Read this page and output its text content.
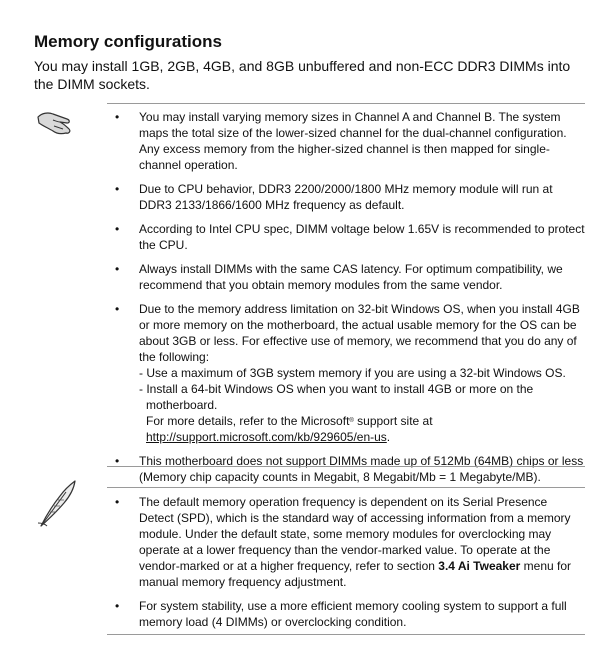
Memory configurations

You may install 1GB, 2GB, 4GB, and 8GB unbuffered and non-ECC DDR3 DIMMs into the DIMM sockets.

• You may install varying memory sizes in Channel A and Channel B. The system maps the total size of the lower-sized channel for the dual-channel configuration. Any excess memory from the higher-sized channel is then mapped for single-channel operation.
• Due to CPU behavior, DDR3 2200/2000/1800 MHz memory module will run at DDR3 2133/1866/1600 MHz frequency as default.
• According to Intel CPU spec, DIMM voltage below 1.65V is recommended to protect the CPU.
• Always install DIMMs with the same CAS latency. For optimum compatibility, we recommend that you obtain memory modules from the same vendor.
• Due to the memory address limitation on 32-bit Windows OS, when you install 4GB or more memory on the motherboard, the actual usable memory for the OS can be about 3GB or less. For effective use of memory, we recommend that you do any of the following:
- Use a maximum of 3GB system memory if you are using a 32-bit Windows OS.
- Install a 64-bit Windows OS when you want to install 4GB or more on the motherboard.
For more details, refer to the Microsoft® support site at
http://support.microsoft.com/kb/929605/en-us.
• This motherboard does not support DIMMs made up of 512Mb (64MB) chips or less (Memory chip capacity counts in Megabit, 8 Megabit/Mb = 1 Megabyte/MB).
• The default memory operation frequency is dependent on its Serial Presence Detect (SPD), which is the standard way of accessing information from a memory module. Under the default state, some memory modules for overclocking may operate at a lower frequency than the vendor-marked value. To operate at the vendor-marked or at a higher frequency, refer to section 3.4 Ai Tweaker menu for manual memory frequency adjustment.
• For system stability, use a more efficient memory cooling system to support a full memory load (4 DIMMs) or overclocking condition.
